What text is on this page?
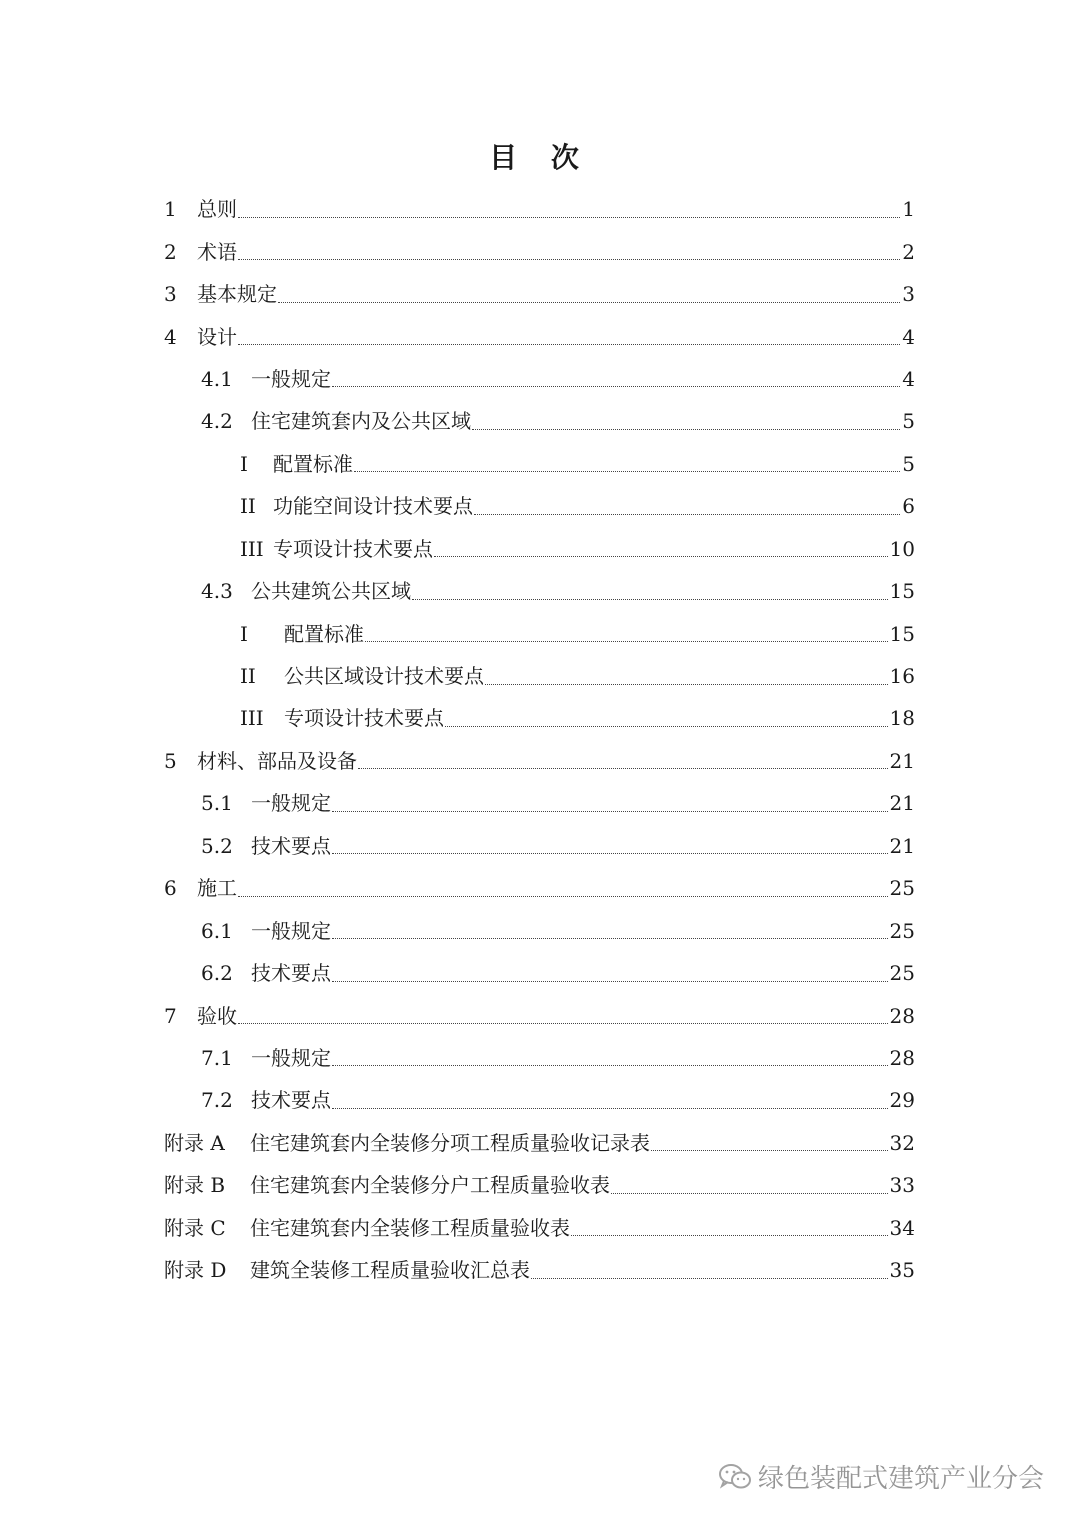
目 次
1	总则	1
2	术语	2
3	基本规定	3
4	设计	4
4.1 一般规定	4
4.2 住宅建筑套内及公共区域	5
I	配置标准	5
II 功能空间设计技术要点	6
III 专项设计技术要点	10
4.3 公共建筑公共区域	15
I	配置标准	15
II	公共区域设计技术要点	16
III	专项设计技术要点	18
5	材料、部品及设备	21
5.1 一般规定	21
5.2 技术要点	21
6	施工	25
6.1 一般规定	25
6.2 技术要点	25
7	验收	28
7.1 一般规定	28
7.2 技术要点	29
附录 A	住宅建筑套内全装修分项工程质量验收记录表	32
附录 B	住宅建筑套内全装修分户工程质量验收表	33
附录 C	住宅建筑套内全装修工程质量验收表	34
附录 D	建筑全装修工程质量验收汇总表	35
绿色装配式建筑产业分会
